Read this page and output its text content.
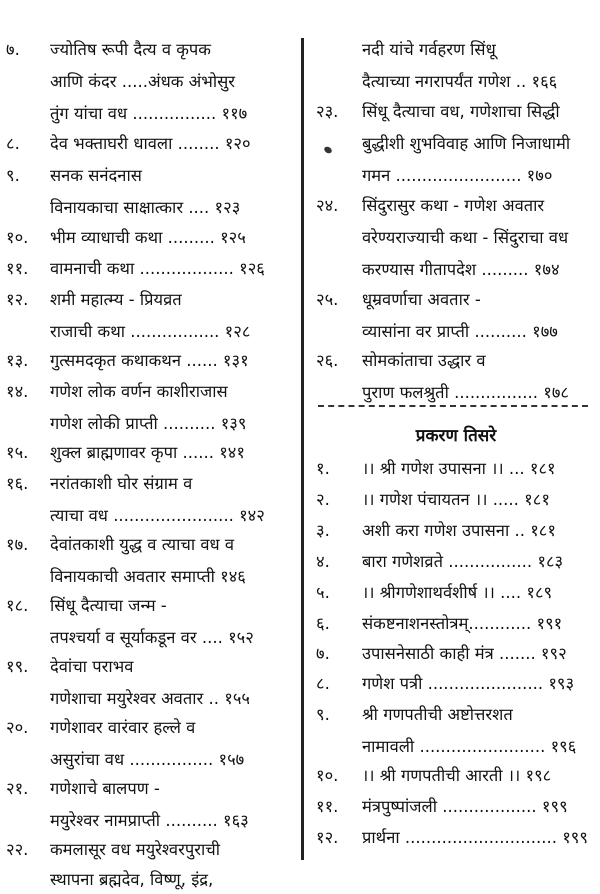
७.	ज्योतिष रूपी दैत्य व कृपक
आणि कंदर .....अंधक अंभोसुर
तुंग यांचा वध ................ ११७
८.	देव भक्ताघरी धावला ........ १२०
९.	सनक सनंदनास
विनायकाचा साक्षात्कार .... १२३
१०.	भीम व्याधाची कथा ......... १२५
११.	वामनाची कथा .................. १२६
१२.	शमी महात्म्य - प्रियव्रत
राजाची कथा ................. १२८
१३.	गुत्समदकृत कथाकथन ...... १३१
१४.	गणेश लोक वर्णन काशीराजास
गणेश लोकी प्राप्ती .......... १३९
१५.	शुक्ल ब्राह्मणावर कृपा ...... १४१
१६.	नरांतकाशी घोर संग्राम व
त्याचा वध ....................... १४२
१७.	देवांतकाशी युद्ध व त्याचा वध व
विनायकाची अवतार समाप्ती १४६
१८.	सिंधू दैत्याचा जन्म -
तपश्चर्या व सूर्याकडून वर .... १५२
१९.	देवांचा पराभव
गणेशाचा मयुरेश्वर अवतार .. १५५
२०.	गणेशावर वारंवार हल्ले व
असुरांचा वध ................ १५७
२१.	गणेशाचे बालपण -
मयुरेश्वर नामप्राप्ती .......... १६३
२२.	कमलासूर वध मयुरेश्वरपुराची
स्थापना ब्रह्मदेव, विष्णू, इंद्र,
नदी यांचे गर्वहरण सिंधू
दैत्याच्या नगरापर्यंत गणेश .. १६६
२३.	सिंधू दैत्याचा वध, गणेशाचा सिद्धी
बुद्धीशी शुभविवाह आणि निजाधामी
गमन ........................ १७०
२४.	सिंदुरासुर कथा - गणेश अवतार
वरेण्यराज्याची कथा - सिंदुराचा वध
करण्यास गीतापदेश ......... १७४
२५.	धूम्रवर्णाचा अवतार -
व्यासांना वर प्राप्ती .......... १७७
२६.	सोमकांताचा उद्धार व
पुराण फलश्रुती ................ १७८
प्रकरण तिसरे
१.	।। श्री गणेश उपासना ।। ... १८१
२.	।। गणेश पंचायतन ।। ..... १८१
३.	अशी करा गणेश उपासना .. १८१
४.	बारा गणेशव्रते ................ १८३
५.	।। श्रीगणेशाथर्वशीर्ष ।। .... १८९
६.	संकष्टनाशनस्तोत्रम्............ १९१
७.	उपासनेसाठी काही मंत्र ....... १९२
८.	गणेश पत्री ...................... १९३
९.	श्री गणपतीची अष्टोत्तरशत
नामावली ........................ १९६
१०.	।। श्री गणपतीची आरती ।। १९८
११.	मंत्रपुष्पांजली .................. १९९
१२.	प्रार्थना ............................. १९९
